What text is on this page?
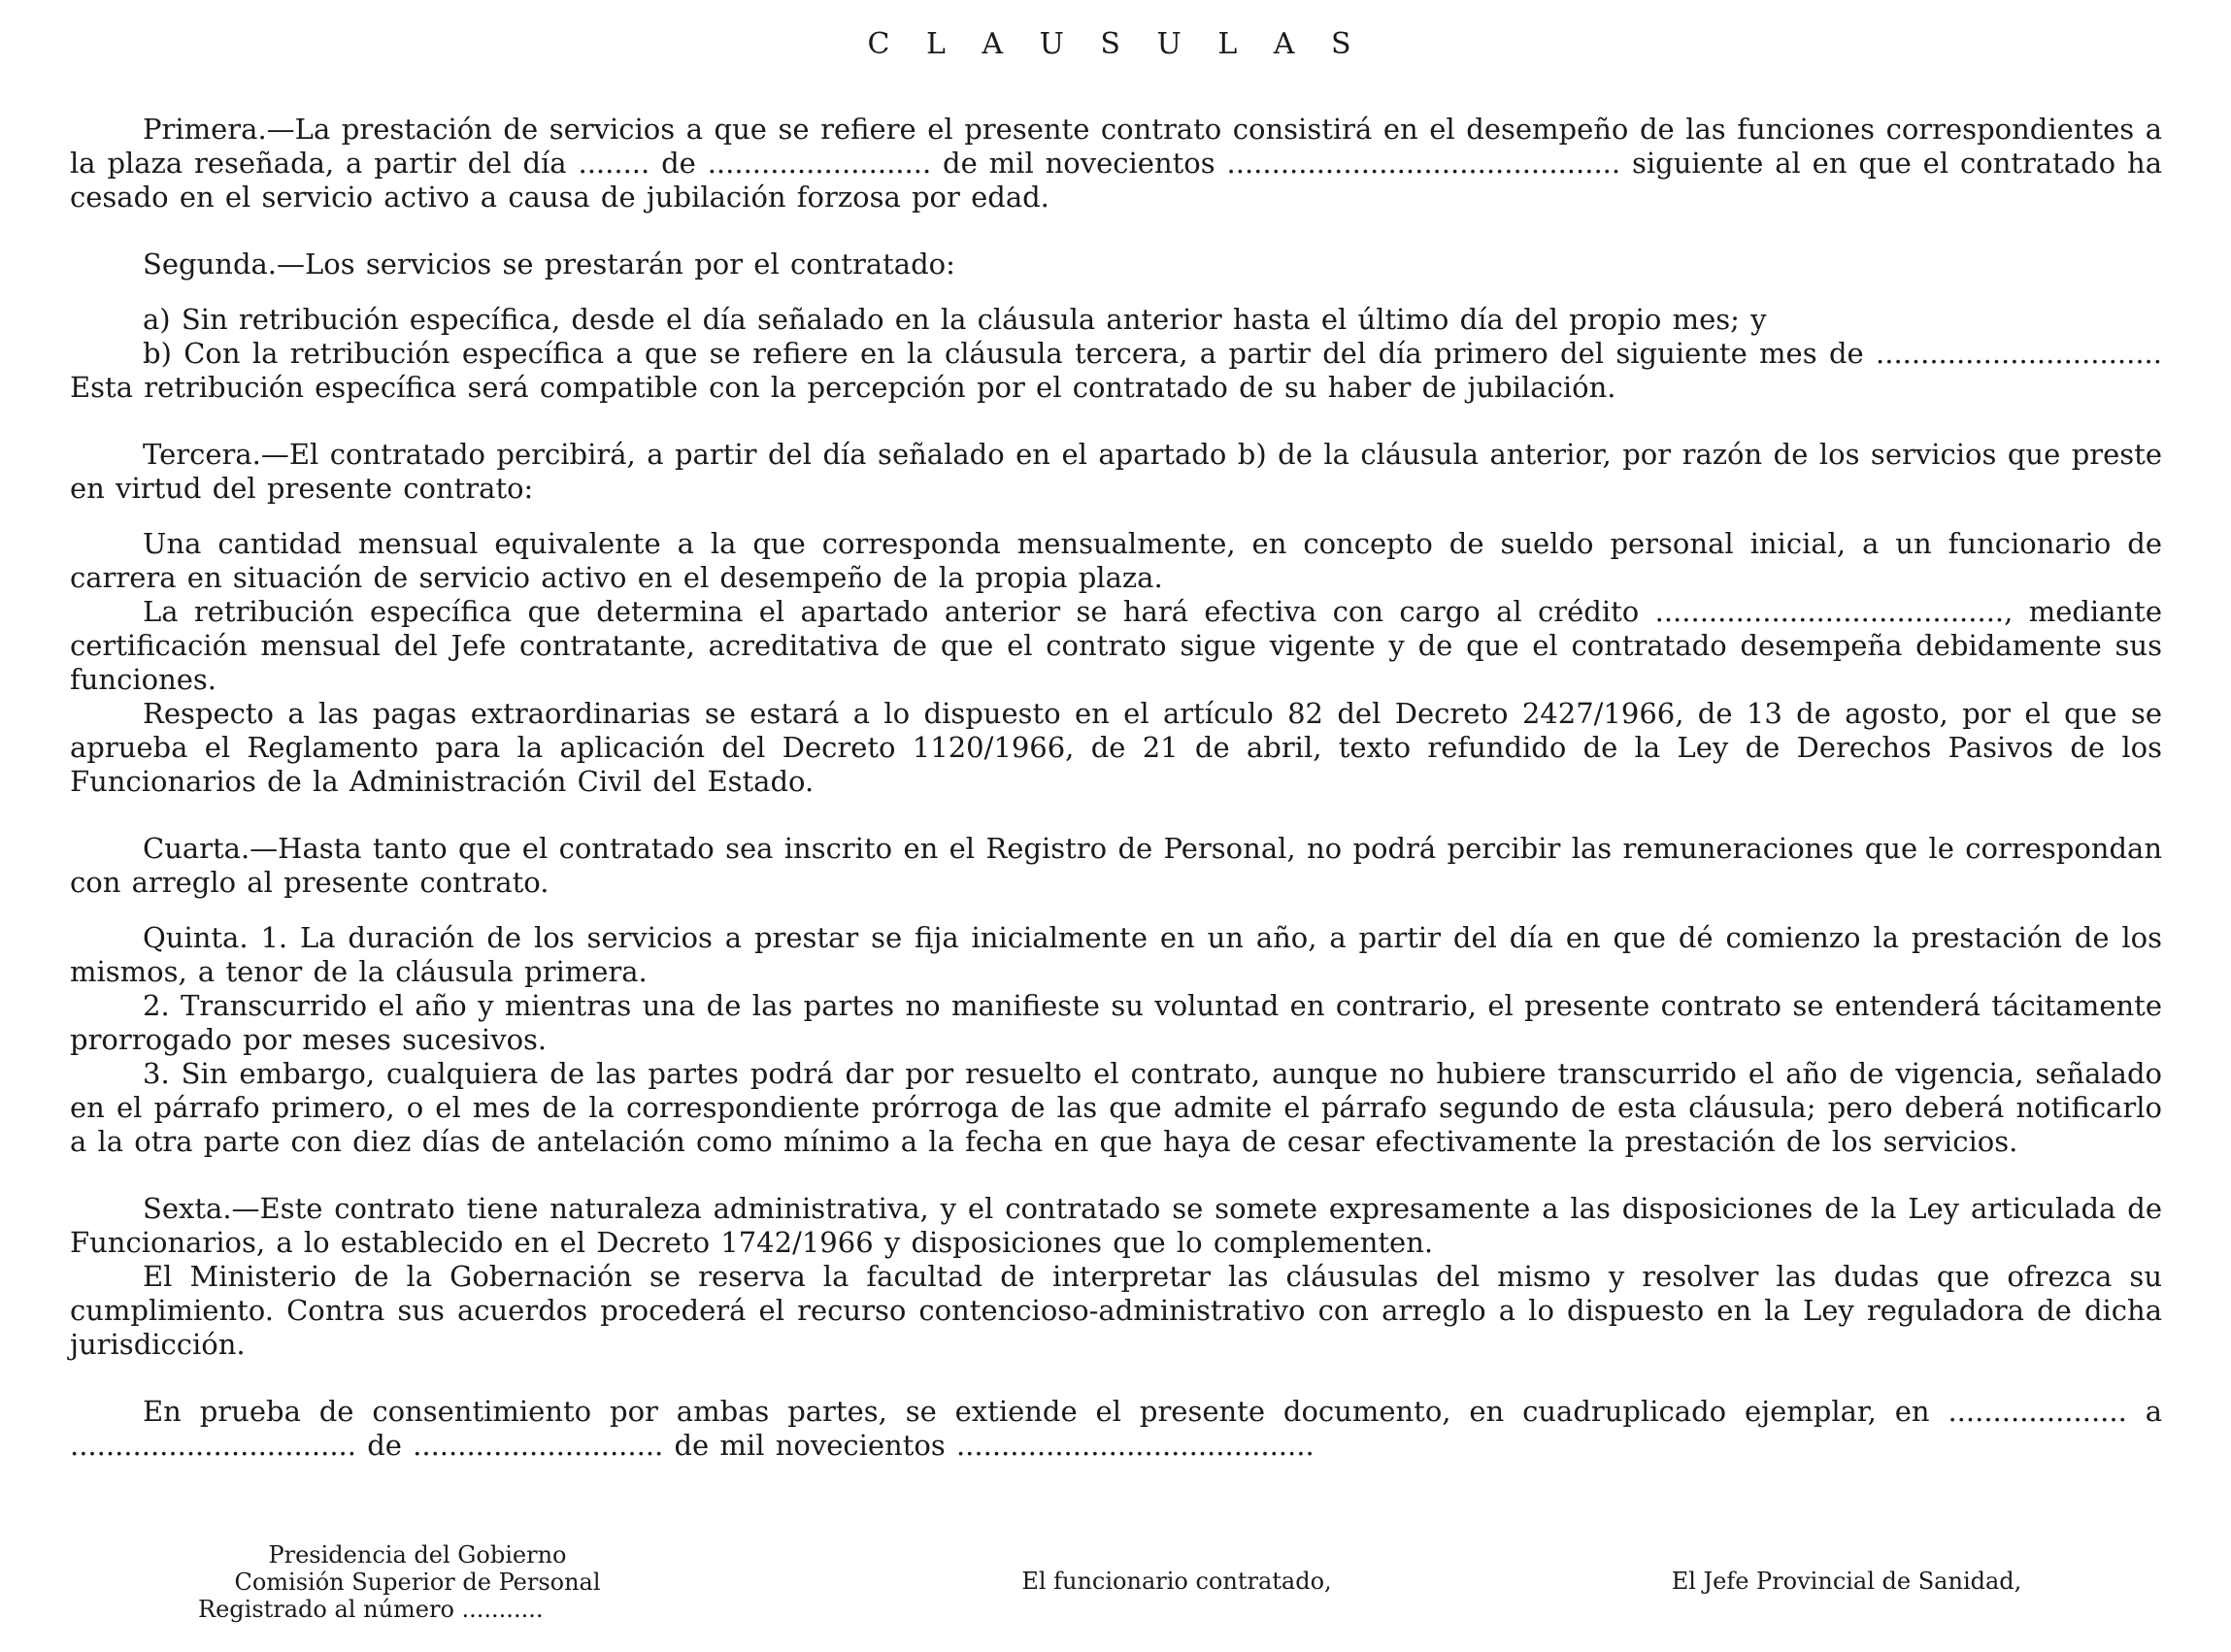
C L A U S U L A S

Primera.—La prestación de servicios a que se refiere el presente contrato consistirá en el desempeño de las funciones correspondientes a la plaza reseñada, a partir del día ........ de ......................... de mil novecientos ............................................ siguiente al en que el contratado ha cesado en el servicio activo a causa de jubilación forzosa por edad.

Segunda.—Los servicios se prestarán por el contratado:

a) Sin retribución específica, desde el día señalado en la cláusula anterior hasta el último día del propio mes; y

b) Con la retribución específica a que se refiere en la cláusula tercera, a partir del día primero del siguiente mes de ................................ Esta retribución específica será compatible con la percepción por el contratado de su haber de jubilación.

Tercera.—El contratado percibirá, a partir del día señalado en el apartado b) de la cláusula anterior, por razón de los servicios que preste en virtud del presente contrato:

Una cantidad mensual equivalente a la que corresponda mensualmente, en concepto de sueldo personal inicial, a un funcionario de carrera en situación de servicio activo en el desempeño de la propia plaza.

La retribución específica que determina el apartado anterior se hará efectiva con cargo al crédito ......................................., mediante certificación mensual del Jefe contratante, acreditativa de que el contrato sigue vigente y de que el contratado desempeña debidamente sus funciones.

Respecto a las pagas extraordinarias se estará a lo dispuesto en el artículo 82 del Decreto 2427/1966, de 13 de agosto, por el que se aprueba el Reglamento para la aplicación del Decreto 1120/1966, de 21 de abril, texto refundido de la Ley de Derechos Pasivos de los Funcionarios de la Administración Civil del Estado.

Cuarta.—Hasta tanto que el contratado sea inscrito en el Registro de Personal, no podrá percibir las remuneraciones que le correspondan con arreglo al presente contrato.

Quinta. 1. La duración de los servicios a prestar se fija inicialmente en un año, a partir del día en que dé comienzo la prestación de los mismos, a tenor de la cláusula primera.

2. Transcurrido el año y mientras una de las partes no manifieste su voluntad en contrario, el presente contrato se entenderá tácitamente prorrogado por meses sucesivos.

3. Sin embargo, cualquiera de las partes podrá dar por resuelto el contrato, aunque no hubiere transcurrido el año de vigencia, señalado en el párrafo primero, o el mes de la correspondiente prórroga de las que admite el párrafo segundo de esta cláusula; pero deberá notificarlo a la otra parte con diez días de antelación como mínimo a la fecha en que haya de cesar efectivamente la prestación de los servicios.

Sexta.—Este contrato tiene naturaleza administrativa, y el contratado se somete expresamente a las disposiciones de la Ley articulada de Funcionarios, a lo establecido en el Decreto 1742/1966 y disposiciones que lo complementen.

El Ministerio de la Gobernación se reserva la facultad de interpretar las cláusulas del mismo y resolver las dudas que ofrezca su cumplimiento. Contra sus acuerdos procederá el recurso contencioso-administrativo con arreglo a lo dispuesto en la Ley reguladora de dicha jurisdicción.

En prueba de consentimiento por ambas partes, se extiende el presente documento, en cuadruplicado ejemplar, en .................... a ................................ de ............................ de mil novecientos ........................................

Presidencia del Gobierno
Comisión Superior de Personal
Registrado al número ...........
El funcionario contratado,	El Jefe Provincial de Sanidad,
